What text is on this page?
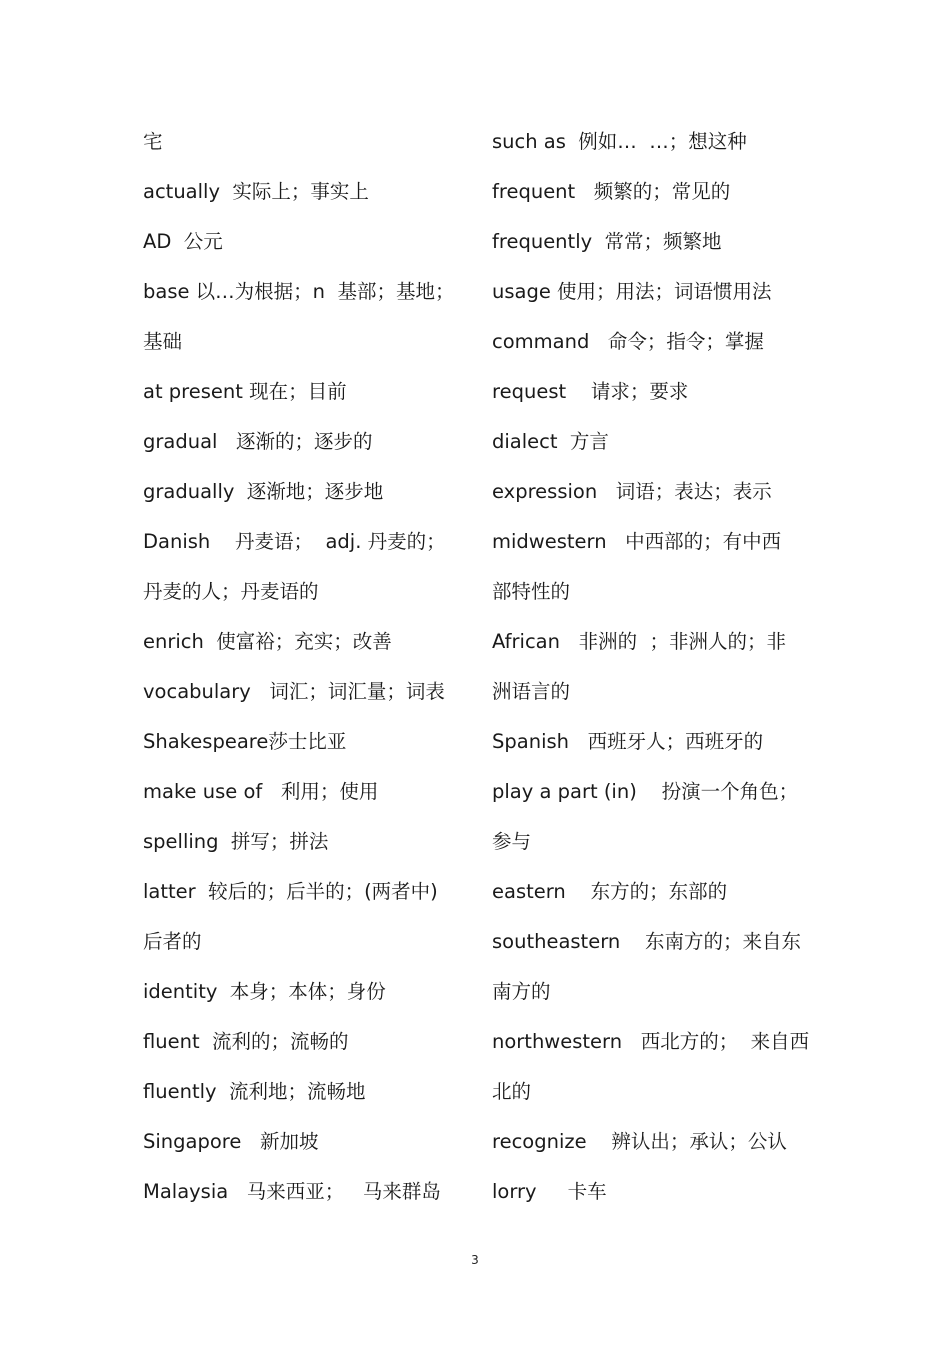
宅
actually  实际上；事实上
AD  公元
base 以…为根据；n  基部；基地；
基础
at present 现在；目前
gradual   逐渐的；逐步的
gradually  逐渐地；逐步地
Danish    丹麦语；  adj. 丹麦的；
丹麦的人；丹麦语的
enrich  使富裕；充实；改善
vocabulary   词汇；词汇量；词表
Shakespeare莎士比亚
make use of   利用；使用
spelling  拼写；拼法
latter  较后的；后半的；(两者中)
后者的
identity  本身；本体；身份
fluent  流利的；流畅的
fluently  流利地；流畅地
Singapore   新加坡
Malaysia   马来西亚；   马来群岛
such as  例如…  …；想这种
frequent   频繁的；常见的
frequently  常常；频繁地
usage 使用；用法；词语惯用法
command   命令；指令；掌握
request    请求；要求
dialect  方言
expression   词语；表达；表示
midwestern   中西部的；有中西
部特性的
African   非洲的  ；非洲人的；非
洲语言的
Spanish   西班牙人；西班牙的
play a part (in)    扮演一个角色；
参与
eastern    东方的；东部的
southeastern    东南方的；来自东
南方的
northwestern   西北方的；  来自西
北的
recognize    辨认出；承认；公认
lorry     卡车
3
